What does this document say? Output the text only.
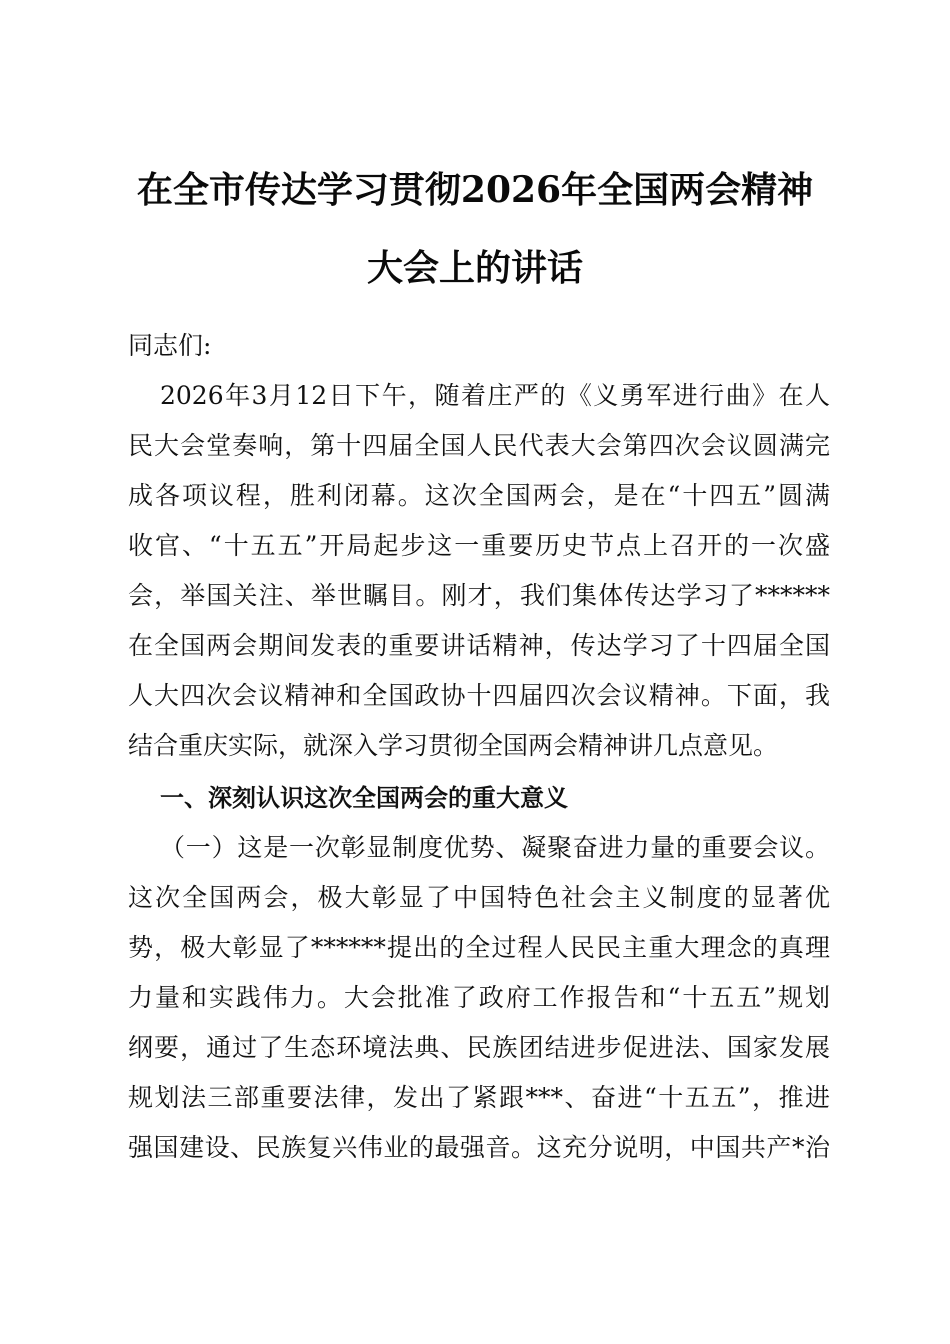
在全市传达学习贯彻2026年全国两会精神
大会上的讲话
同志们:
2026年3月12日下午，随着庄严的《义勇军进行曲》在人
民大会堂奏响，第十四届全国人民代表大会第四次会议圆满完
成各项议程，胜利闭幕。这次全国两会，是在“十四五”圆满
收官、“十五五”开局起步这一重要历史节点上召开的一次盛
会，举国关注、举世瞩目。刚才，我们集体传达学习了******
在全国两会期间发表的重要讲话精神，传达学习了十四届全国
人大四次会议精神和全国政协十四届四次会议精神。下面，我
结合重庆实际，就深入学习贯彻全国两会精神讲几点意见。
一、深刻认识这次全国两会的重大意义
（一）这是一次彰显制度优势、凝聚奋进力量的重要会议。
这次全国两会，极大彰显了中国特色社会主义制度的显著优
势，极大彰显了******提出的全过程人民民主重大理念的真理
力量和实践伟力。大会批准了政府工作报告和“十五五”规划
纲要，通过了生态环境法典、民族团结进步促进法、国家发展
规划法三部重要法律，发出了紧跟***、奋进“十五五”，推进
强国建设、民族复兴伟业的最强音。这充分说明，中国共产*治
